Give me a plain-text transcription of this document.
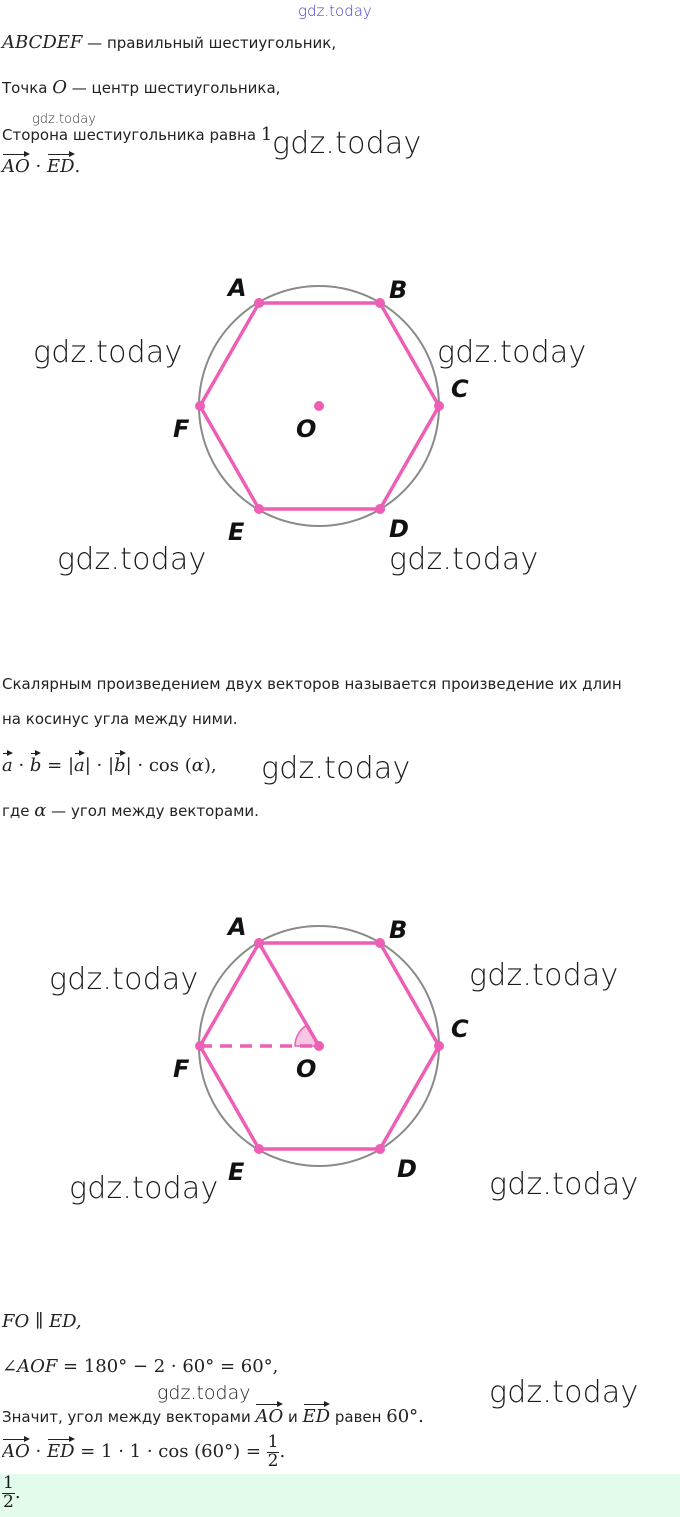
gdz.today
ABCDEF — правильный шестиугольник,
Точка O — центр шестиугольника,
gdz.today
Сторона шестиугольника равна 1 gdz.today
AO · ED.
A	B
C
D
E
F	O
gdz.today	gdz.today
gdz.today	gdz.today
Скалярным произведением двух векторов называется произведение их длин
на косинус угла между ними.
a · b = |a| · |b| · cos (α), gdz.today
где α — угол между векторами.
A	B
C
D
E
F	O
gdz.today	gdz.today
gdz.today	gdz.today
FO ∥ ED,
∠AOF = 180° − 2 · 60° = 60°,
gdz.today	gdz.today
Значит, угол между векторами AO и ED равен 60°.
AO · ED = $1 \cdot 1 \cdot \cos (60^\circ) = \frac{1}{2}$ .
$\frac{1}{2}$ .
